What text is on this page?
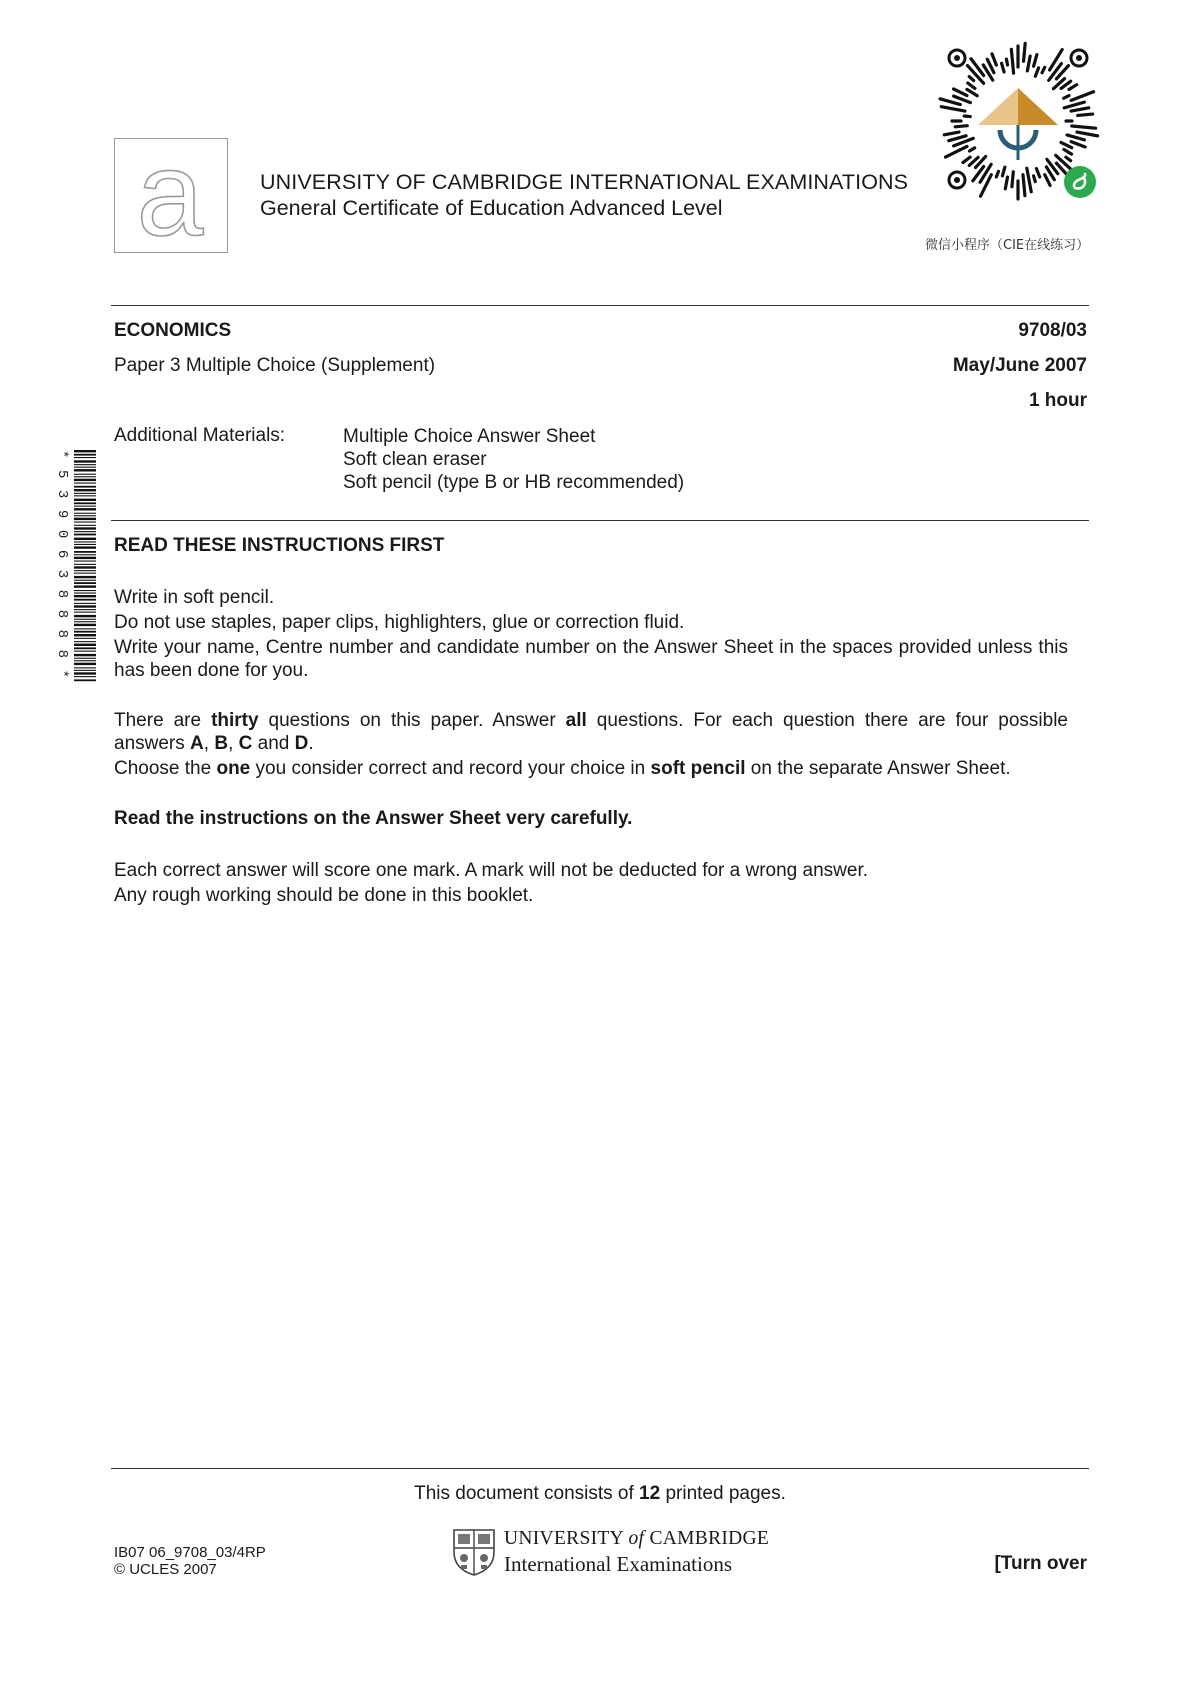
a	UNIVERSITY OF CAMBRIDGE INTERNATIONAL EXAMINATIONS
General Certificate of Education Advanced Level
微信小程序（CIE在线练习）
*5390638888*
ECONOMICS
Paper 3 Multiple Choice (Supplement)
9708/03
May/June 2007
1 hour
Additional Materials:	Multiple Choice Answer Sheet
Soft clean eraser
Soft pencil (type B or HB recommended)
READ THESE INSTRUCTIONS FIRST
Write in soft pencil.
Do not use staples, paper clips, highlighters, glue or correction fluid.
Write your name, Centre number and candidate number on the Answer Sheet in the spaces provided unless this has been done for you.
There are thirty questions on this paper. Answer all questions. For each question there are four possible answers A, B, C and D.
Choose the one you consider correct and record your choice in soft pencil on the separate Answer Sheet.
Read the instructions on the Answer Sheet very carefully.
Each correct answer will score one mark. A mark will not be deducted for a wrong answer.
Any rough working should be done in this booklet.
This document consists of 12 printed pages.
IB07 06_9708_03/4RP
© UCLES 2007
UNIVERSITY of CAMBRIDGE
International Examinations	[Turn over
